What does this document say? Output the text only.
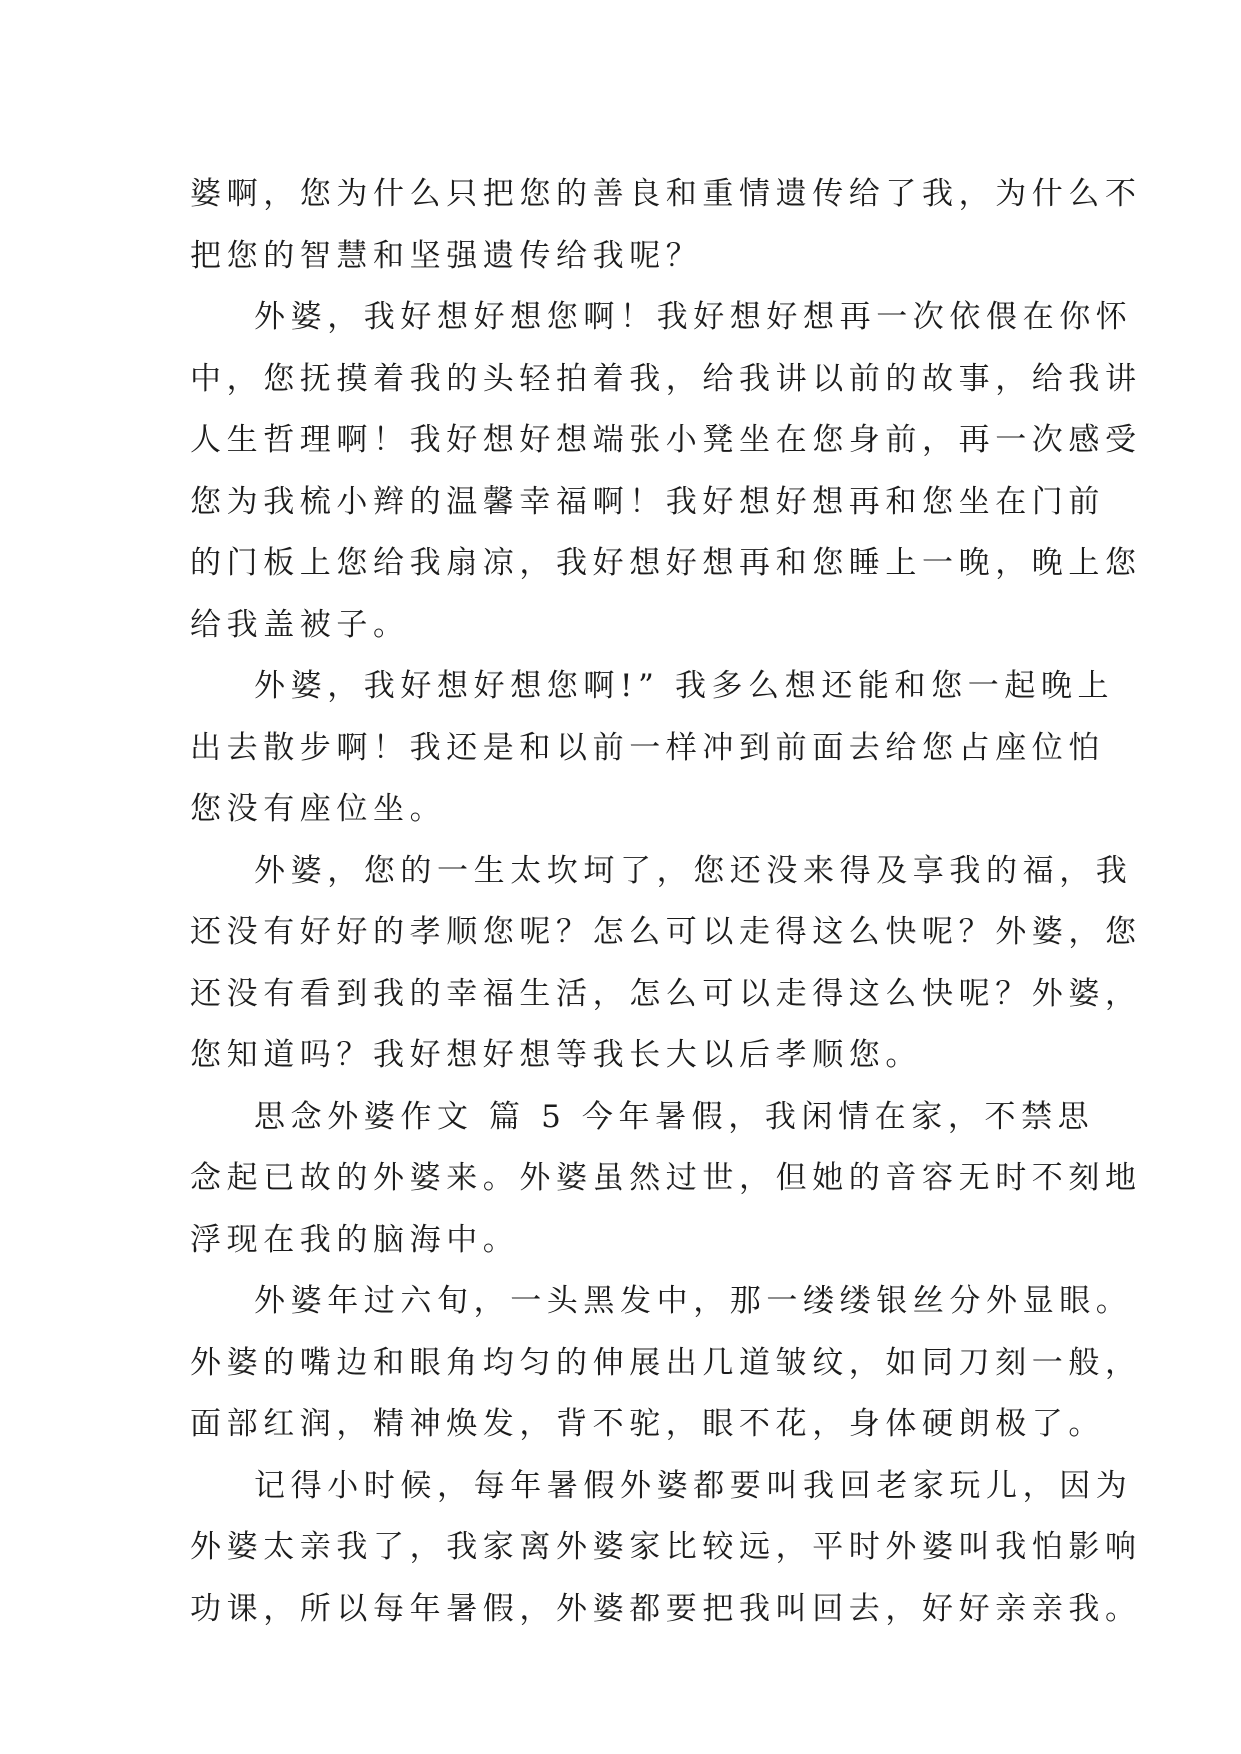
婆啊，您为什么只把您的善良和重情遗传给了我，为什么不
把您的智慧和坚强遗传给我呢？
外婆，我好想好想您啊！我好想好想再一次依偎在你怀
中，您抚摸着我的头轻拍着我，给我讲以前的故事，给我讲
人生哲理啊！我好想好想端张小凳坐在您身前，再一次感受
您为我梳小辫的温馨幸福啊！我好想好想再和您坐在门前
的门板上您给我扇凉，我好想好想再和您睡上一晚，晚上您
给我盖被子。
外婆，我好想好想您啊!” 我多么想还能和您一起晚上
出去散步啊！我还是和以前一样冲到前面去给您占座位怕
您没有座位坐。
外婆，您的一生太坎坷了，您还没来得及享我的福，我
还没有好好的孝顺您呢？怎么可以走得这么快呢？外婆，您
还没有看到我的幸福生活，怎么可以走得这么快呢？外婆，
您知道吗？我好想好想等我长大以后孝顺您。
思念外婆作文 篇 5 今年暑假，我闲情在家，不禁思
念起已故的外婆来。外婆虽然过世，但她的音容无时不刻地
浮现在我的脑海中。
外婆年过六旬，一头黑发中，那一缕缕银丝分外显眼。
外婆的嘴边和眼角均匀的伸展出几道皱纹，如同刀刻一般，
面部红润，精神焕发，背不驼，眼不花，身体硬朗极了。
记得小时候，每年暑假外婆都要叫我回老家玩儿，因为
外婆太亲我了，我家离外婆家比较远，平时外婆叫我怕影响
功课，所以每年暑假，外婆都要把我叫回去，好好亲亲我。
